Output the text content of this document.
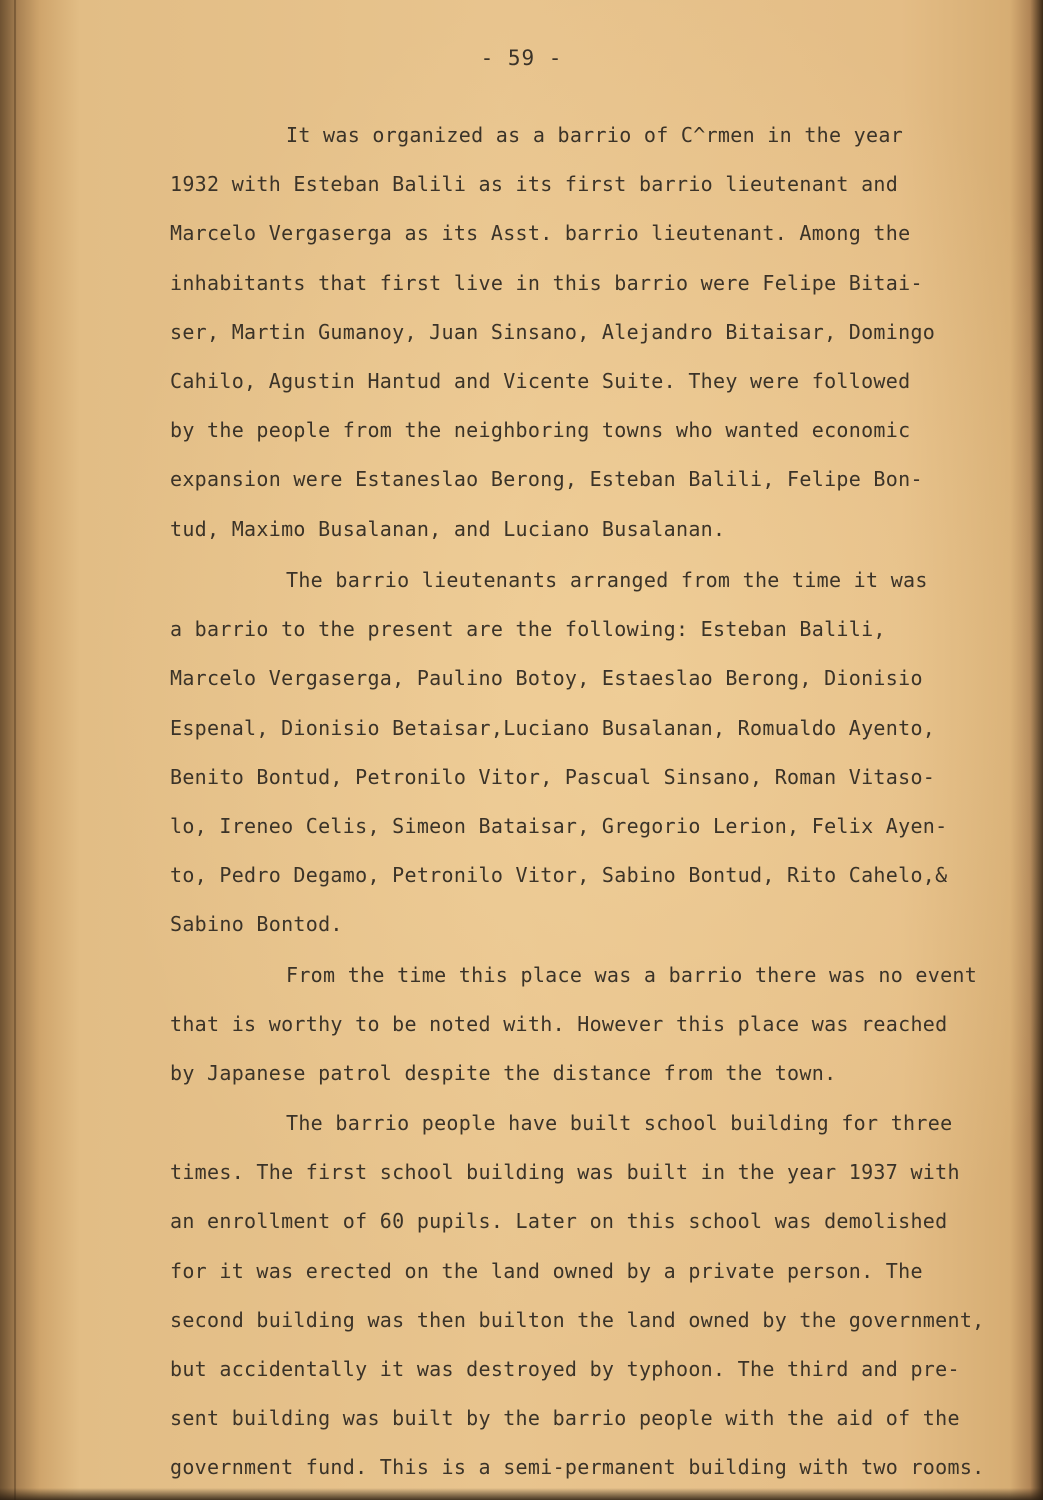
- 59 -
It was organized as a barrio of C^rmen in the year
1932 with Esteban Balili as its first barrio lieutenant and
Marcelo Vergaserga as its Asst. barrio lieutenant. Among the
inhabitants that first live in this barrio were Felipe Bitai-
ser, Martin Gumanoy, Juan Sinsano, Alejandro Bitaisar, Domingo
Cahilo, Agustin Hantud and Vicente Suite. They were followed
by the people from the neighboring towns who wanted economic
expansion were Estaneslao Berong, Esteban Balili, Felipe Bon-
tud, Maximo Busalanan, and Luciano Busalanan.
The barrio lieutenants arranged from the time it was
a barrio to the present are the following: Esteban Balili,
Marcelo Vergaserga, Paulino Botoy, Estaeslao Berong, Dionisio
Espenal, Dionisio Betaisar,Luciano Busalanan, Romualdo Ayento,
Benito Bontud, Petronilo Vitor, Pascual Sinsano, Roman Vitaso-
lo, Ireneo Celis, Simeon Bataisar, Gregorio Lerion, Felix Ayen-
to, Pedro Degamo, Petronilo Vitor, Sabino Bontud, Rito Cahelo,&
Sabino Bontod.
From the time this place was a barrio there was no event
that is worthy to be noted with. However this place was reached
by Japanese patrol despite the distance from the town.
The barrio people have built school building for three
times. The first school building was built in the year 1937 with
an enrollment of 60 pupils. Later on this school was demolished
for it was erected on the land owned by a private person. The
second building was then builton the land owned by the government,
but accidentally it was destroyed by typhoon. The third and pre-
sent building was built by the barrio people with the aid of the
government fund. This is a semi-permanent building with two rooms.
